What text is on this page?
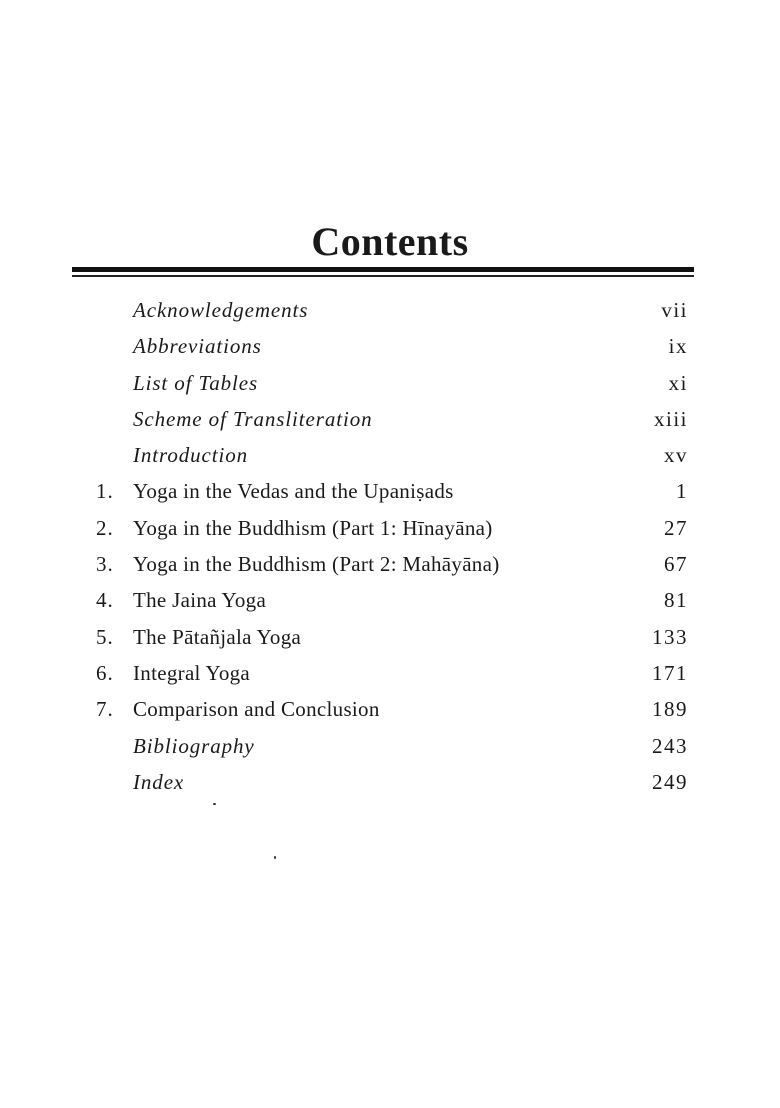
Contents
Acknowledgements	vii
Abbreviations	ix
List of Tables	xi
Scheme of Transliteration	xiii
Introduction	xv
1. Yoga in the Vedas and the Upaniṣads	1
2. Yoga in the Buddhism (Part 1: Hīnayāna)	27
3. Yoga in the Buddhism (Part 2: Mahāyāna)	67
4. The Jaina Yoga	81
5. The Pātañjala Yoga	133
6. Integral Yoga	171
7. Comparison and Conclusion	189
Bibliography	243
Index	249
